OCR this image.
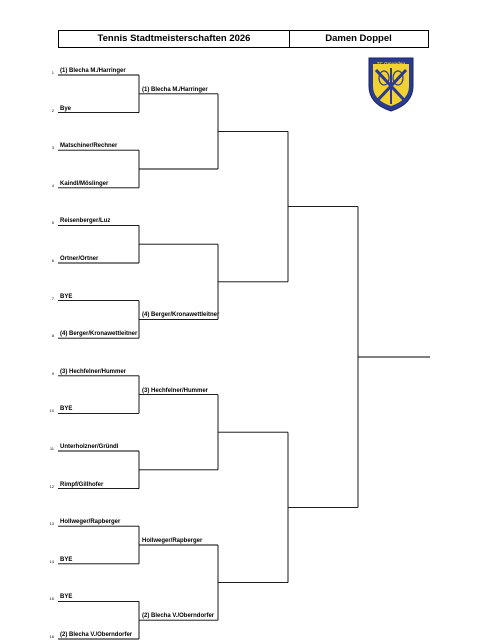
Tennis Stadtmeisterschaften 2026	Damen Doppel
TC Gmunden
1903
1 (1) Blecha M./Harringer
2 Bye
3 Matschiner/Rechner
4 Kaindl/Möslinger
5 Reisenberger/Luz
6 Ortner/Ortner
7 BYE
8 (4) Berger/Kronawettleitner
9 (3) Hechfelner/Hummer
10 BYE
11 Unterholzner/Gründl
12 Rimpf/Gillhofer
13 Hollweger/Rapberger
14 BYE
15 BYE
16 (2) Blecha V./Oberndorfer
(1) Blecha M./Harringer
(4) Berger/Kronawettleitner
(3) Hechfelner/Hummer
Hollweger/Rapberger
(2) Blecha V./Oberndorfer
